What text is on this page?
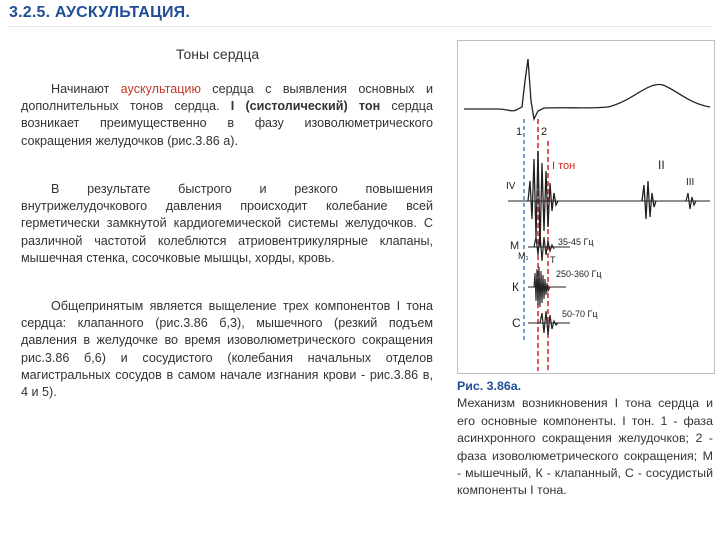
3.2.5. АУСКУЛЬТАЦИЯ.
Тоны сердца
Начинают аускультацию сердца с выявления основных и дополнительных тонов сердца. I (систолический) тон сердца возникает преимущественно в фазу изоволюметрического сокращения желудочков (рис.3.86 а).
В результате быстрого и резкого повышения внутрижелудочкового давления происходит колебание всей герметически замкнутой кардиогемической системы желудочков. С различной частотой колеблются атриовентрикулярные клапаны, мышечная стенка, сосочковые мышцы, хорды, кровь.
Общепринятым является выщеление трех компонентов I тона сердца: клапанного (рис.3.86 б,3), мышечного (резкий подъем давления в желудочке во время изоволюметрического сокращения рис.3.86 б,6) и сосудистого (колебания начальных отделов магистральных сосудов в самом начале изгнания крови - рис.3.86 в, 4 и 5).
1 2
I тон	II
III
IV
М
М₁ Т
35-45 Гц
К
250-360 Гц
С
50-70 Гц
Рис. 3.86а.
Механизм возникновения I тона сердца и его основные компоненты. I тон. 1 - фаза асинхронного сокращения желудочков; 2 - фаза изоволюметрического сокращения; М - мышечный, К - клапанный, С - сосудистый компоненты I тона.
